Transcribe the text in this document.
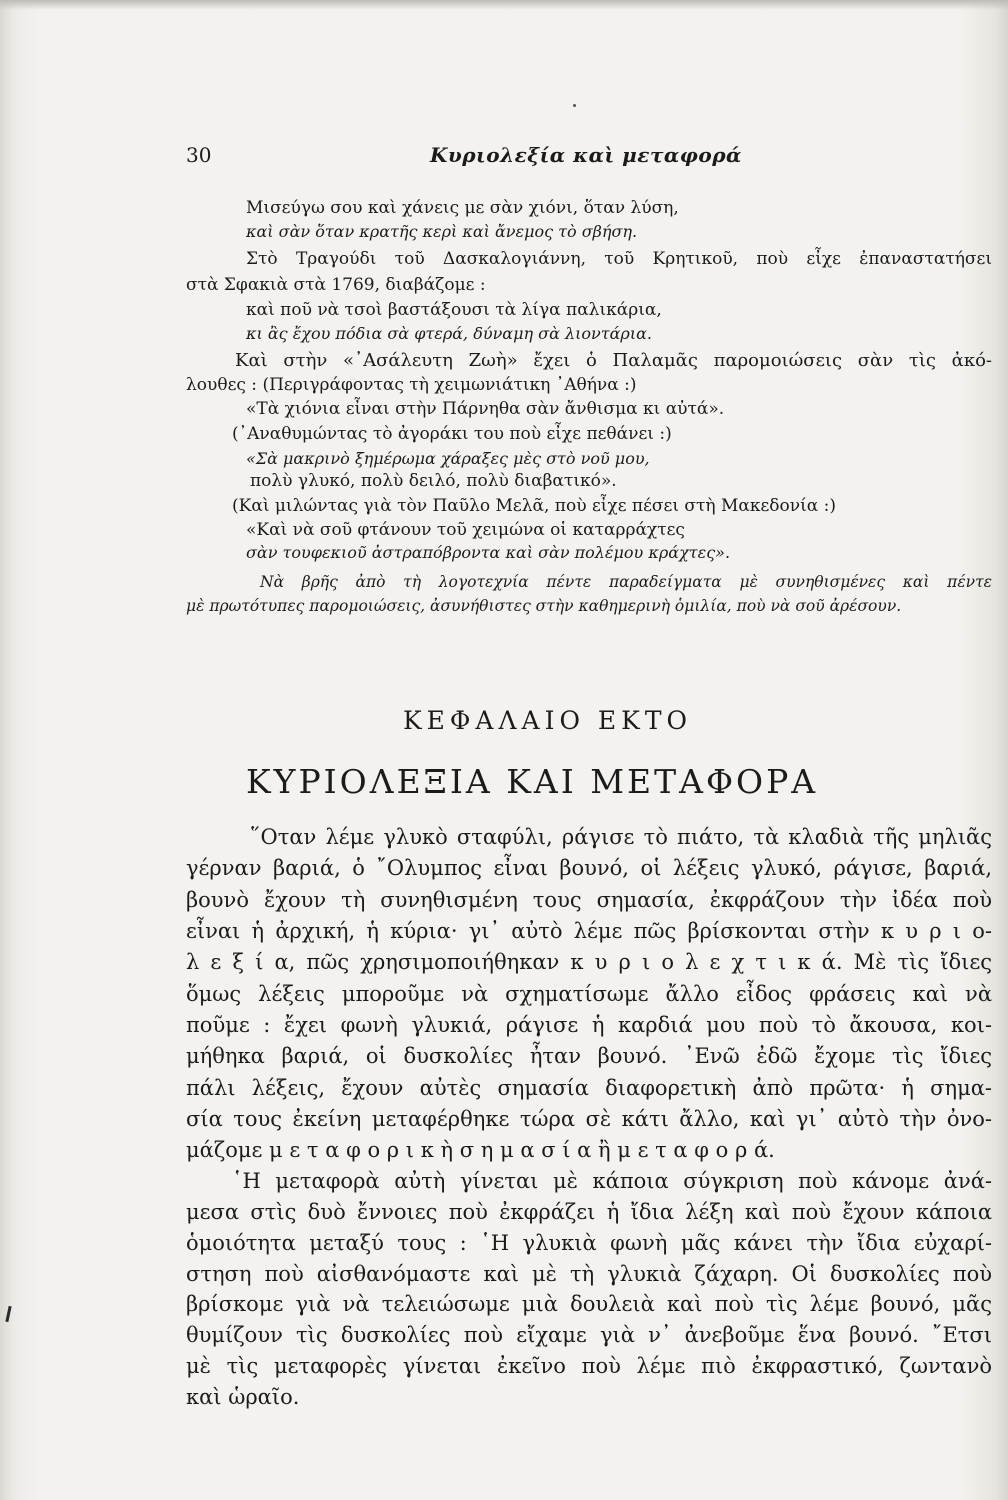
30	Κυριολεξία καὶ μεταφορά
Μισεύγω σου καὶ χάνεις με σὰν χιόνι, ὅταν λύση,
καὶ σὰν ὅταν κρατῆς κερὶ καὶ ἄνεμος τὸ σβήση.
Στὸ Τραγούδι τοῦ Δασκαλογιάννη, τοῦ Κρητικοῦ, ποὺ εἶχε ἐπαναστατήσει
στὰ Σφακιὰ στὰ 1769, διαβάζομε :
καὶ ποῦ νὰ τσοὶ βαστάξουσι τὰ λίγα παλικάρια,
κι ἂς ἔχου πόδια σὰ φτερά, δύναμη σὰ λιοντάρια.
Καὶ στὴν «᾿Ασάλευτη Ζωὴ» ἔχει ὁ Παλαμᾶς παρομοιώσεις σὰν τὶς ἀκό-
λουθες : (Περιγράφοντας τὴ χειμωνιάτικη ᾿Αθήνα :)
«Τὰ χιόνια εἶναι στὴν Πάρνηθα σὰν ἄνθισμα κι αὐτά».
(᾿Αναθυμώντας τὸ ἀγοράκι του ποὺ εἶχε πεθάνει :)
«Σὰ μακρινὸ ξημέρωμα χάραξες μὲς στὸ νοῦ μου,
πολὺ γλυκό, πολὺ δειλό, πολὺ διαβατικό».
(Καὶ μιλώντας γιὰ τὸν Παῦλο Μελᾶ, ποὺ εἶχε πέσει στὴ Μακεδονία :)
«Καὶ νὰ σοῦ φτάνουν τοῦ χειμώνα οἱ καταρράχτες
σὰν τουφεκιοῦ ἀστραπόβροντα καὶ σὰν πολέμου κράχτες».
Νὰ βρῆς ἀπὸ τὴ λογοτεχνία πέντε παραδείγματα μὲ συνηθισμένες καὶ πέντε
μὲ πρωτότυπες παρομοιώσεις, ἀσυνήθιστες στὴν καθημερινὴ ὁμιλία, ποὺ νὰ σοῦ ἀρέσουν.
ΚΕΦΑΛΑΙΟ ΕΚΤΟ
ΚΥΡΙΟΛΕΞΙΑ ΚΑΙ ΜΕΤΑΦΟΡΑ
῞Οταν λέμε γλυκὸ σταφύλι, ράγισε τὸ πιάτο, τὰ κλαδιὰ τῆς μηλιᾶς
γέρναν βαριά, ὁ ῎Ολυμπος εἶναι βουνό, οἱ λέξεις γλυκό, ράγισε, βαριά,
βουνὸ ἔχουν τὴ συνηθισμένη τους σημασία, ἐκφράζουν τὴν ἰδέα ποὺ
εἶναι ἡ ἀρχική, ἡ κύρια· γι᾿ αὐτὸ λέμε πῶς βρίσκονται στὴν κ υ ρ ι ο-
λ ε ξ ί α, πῶς χρησιμοποιήθηκαν κ υ ρ ι ο λ ε χ τ ι κ ά. Μὲ τὶς ἴδιες
ὅμως λέξεις μποροῦμε νὰ σχηματίσωμε ἄλλο εἶδος φράσεις καὶ νὰ
ποῦμε : ἔχει φωνὴ γλυκιά, ράγισε ἡ καρδιά μου ποὺ τὸ ἄκουσα, κοι-
μήθηκα βαριά, οἱ δυσκολίες ἦταν βουνό. ᾿Ενῶ ἐδῶ ἔχομε τὶς ἴδιες
πάλι λέξεις, ἔχουν αὐτὲς σημασία διαφορετικὴ ἀπὸ πρῶτα· ἡ σημα-
σία τους ἐκείνη μεταφέρθηκε τώρα σὲ κάτι ἄλλο, καὶ γι᾿ αὐτὸ τὴν ὀνο-
μάζομε μ ε τ α φ ο ρ ι κ ὴ σ η μ α σ ί α ἢ μ ε τ α φ ο ρ ά.
῾Η μεταφορὰ αὐτὴ γίνεται μὲ κάποια σύγκριση ποὺ κάνομε ἀνά-
μεσα στὶς δυὸ ἔννοιες ποὺ ἐκφράζει ἡ ἴδια λέξη καὶ ποὺ ἔχουν κάποια
ὁμοιότητα μεταξύ τους : ῾Η γλυκιὰ φωνὴ μᾶς κάνει τὴν ἴδια εὐχαρί-
στηση ποὺ αἰσθανόμαστε καὶ μὲ τὴ γλυκιὰ ζάχαρη. Οἱ δυσκολίες ποὺ
βρίσκομε γιὰ νὰ τελειώσωμε μιὰ δουλειὰ καὶ ποὺ τὶς λέμε βουνό, μᾶς
θυμίζουν τὶς δυσκολίες ποὺ εἴχαμε γιὰ ν᾿ ἀνεβοῦμε ἕνα βουνό. ῎Ετσι
μὲ τὶς μεταφορὲς γίνεται ἐκεῖνο ποὺ λέμε πιὸ ἐκφραστικό, ζωντανὸ
καὶ ὡραῖο.
